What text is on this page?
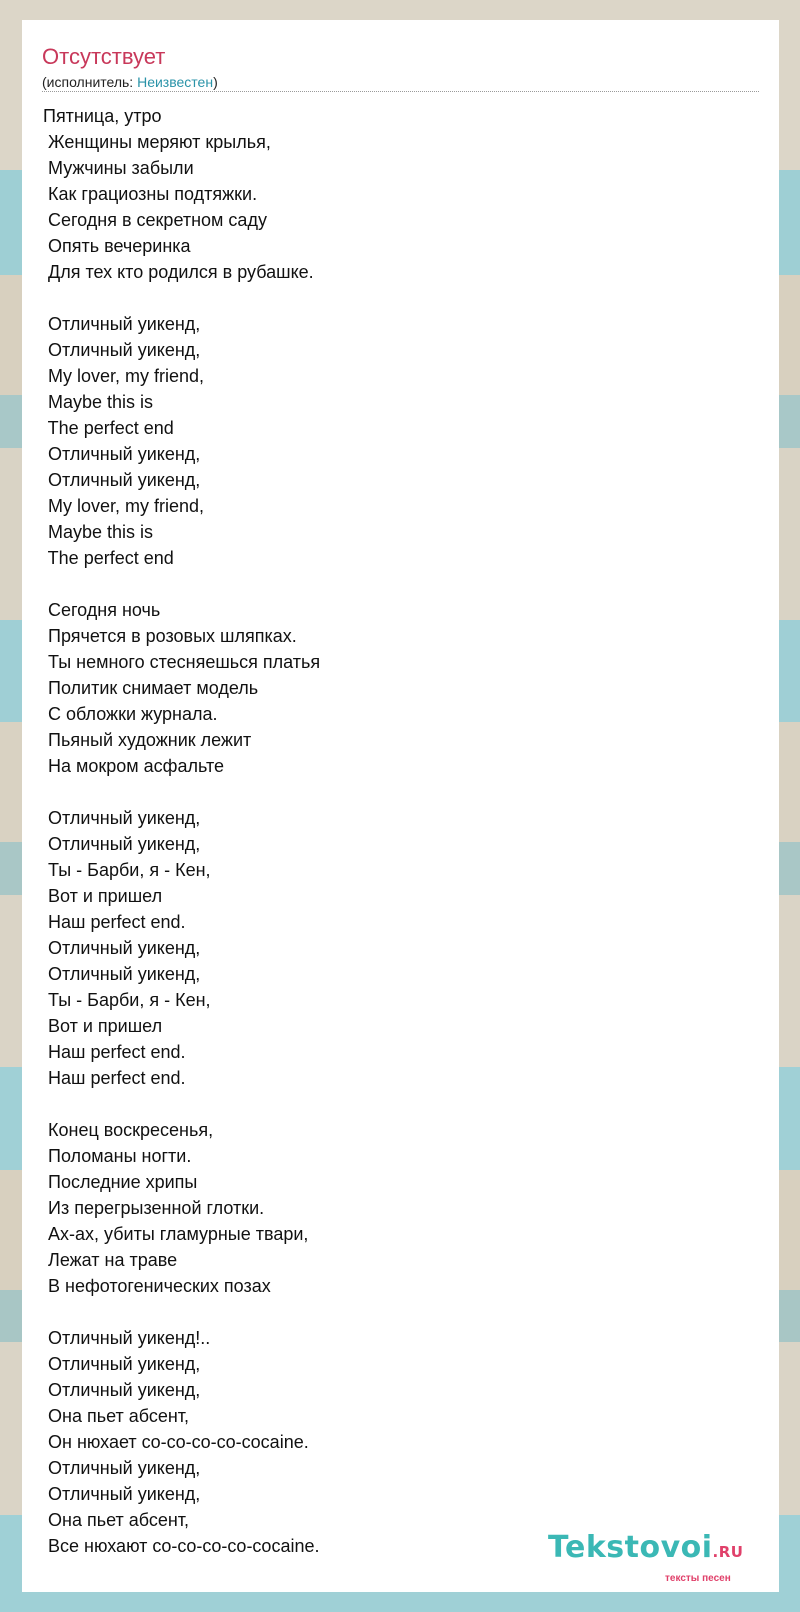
Отсутствует
(исполнитель: Неизвестен)
Пятница, утро
Женщины меряют крылья,
Мужчины забыли
Как грациозны подтяжки.
Сегодня в секретном саду
Опять вечеринка
Для тех кто родился в рубашке.
Отличный уикенд,
Отличный уикенд,
My lover, my friend,
Maybe this is
The perfect end
Отличный уикенд,
Отличный уикенд,
My lover, my friend,
Maybe this is
The perfect end
Сегодня ночь
Прячется в розовых шляпках.
Ты немного стесняешься платья
Политик снимает модель
С обложки журнала.
Пьяный художник лежит
На мокром асфальте
Отличный уикенд,
Отличный уикенд,
Ты - Барби, я - Кен,
Вот и пришел
Наш perfect end.
Отличный уикенд,
Отличный уикенд,
Ты - Барби, я - Кен,
Вот и пришел
Наш perfect end.
Наш perfect end.
Конец воскресенья,
Поломаны ногти.
Последние хрипы
Из перегрызенной глотки.
Ах-ах, убиты гламурные твари,
Лежат на траве
В нефотогенических позах
Отличный уикенд!..
Отличный уикенд,
Отличный уикенд,
Она пьет абсент,
Он нюхает co-co-co-co-cocaine.
Отличный уикенд,
Отличный уикенд,
Она пьет абсент,
Все нюхают co-co-co-co-cocaine.	Tekstovoi.RU
тексты песен
